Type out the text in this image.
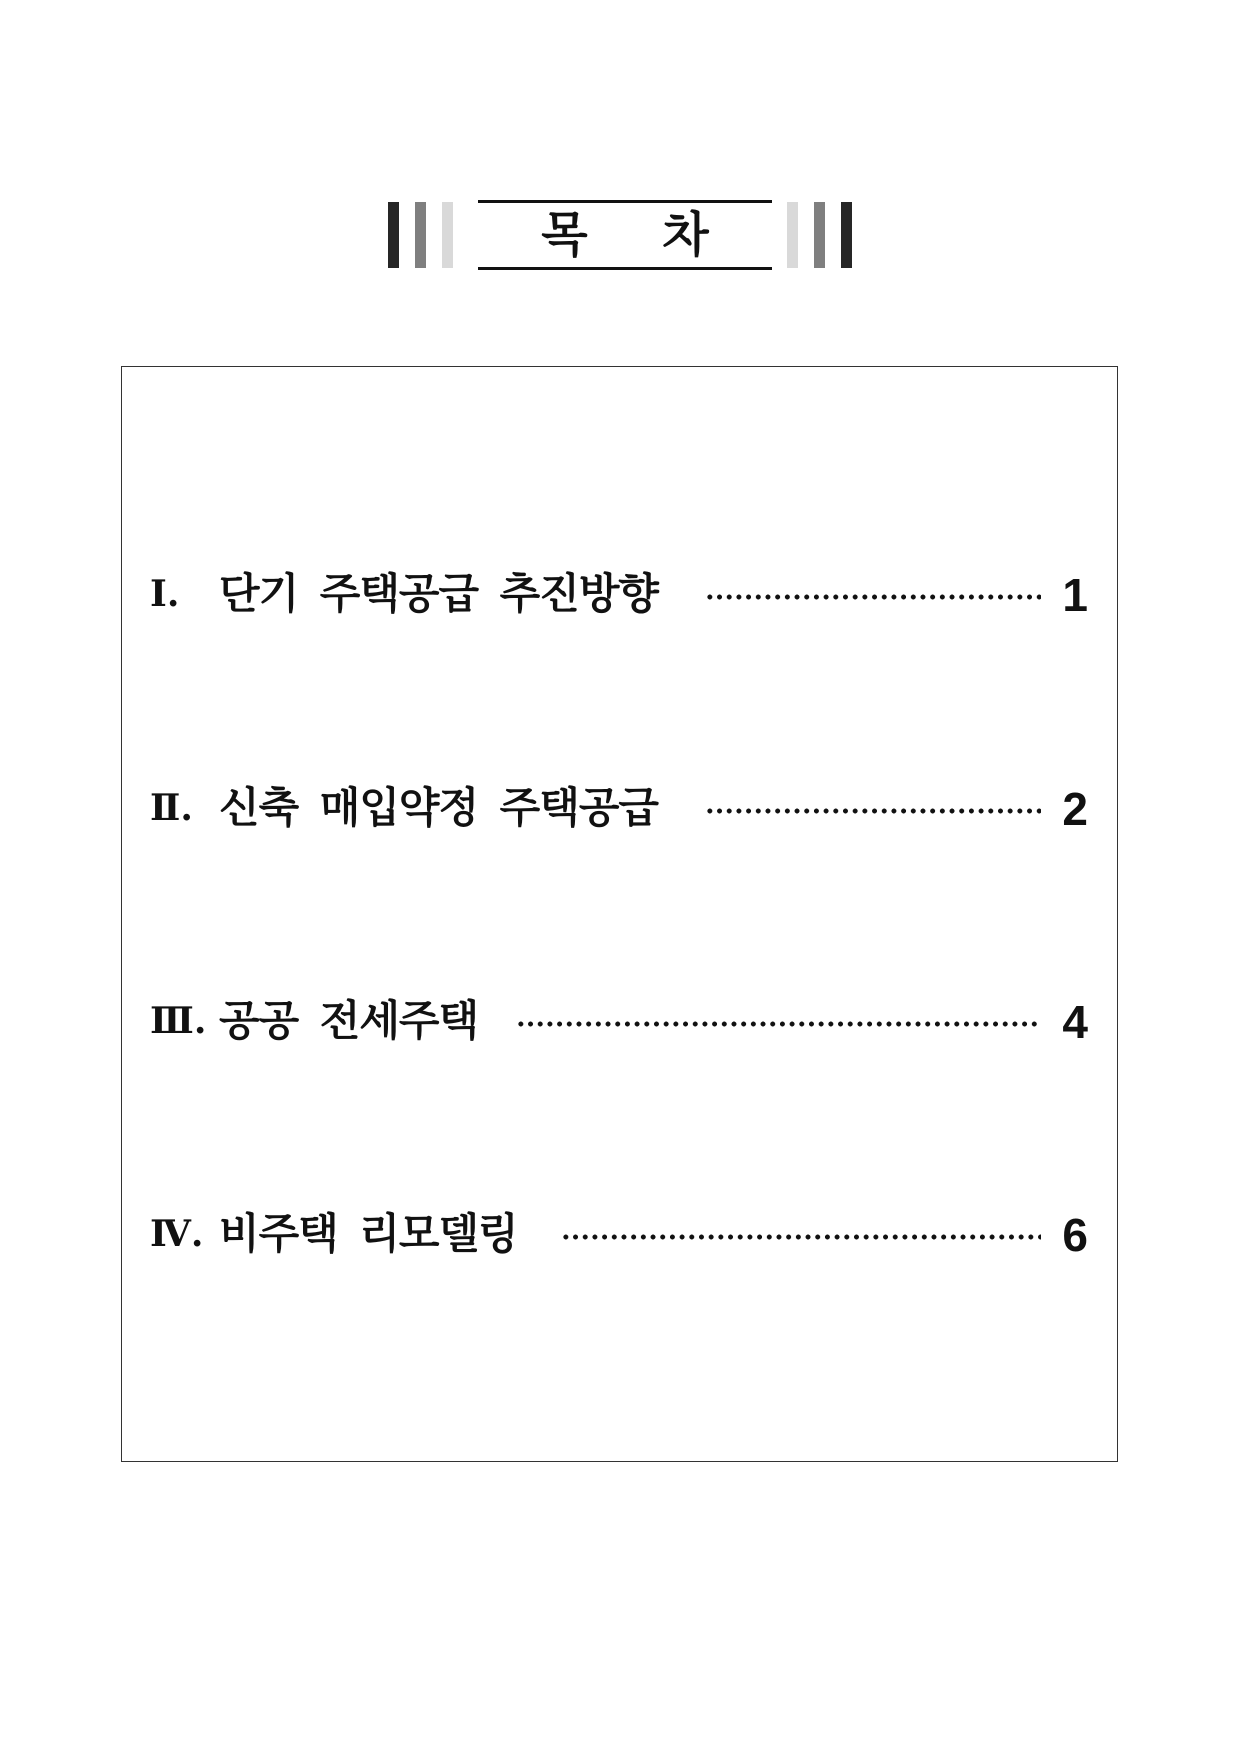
목 차
Ⅰ. 단기 주택공급 추진방향	1
Ⅱ. 신축 매입약정 주택공급	2
Ⅲ. 공공 전세주택	4
Ⅳ. 비주택 리모델링	6
